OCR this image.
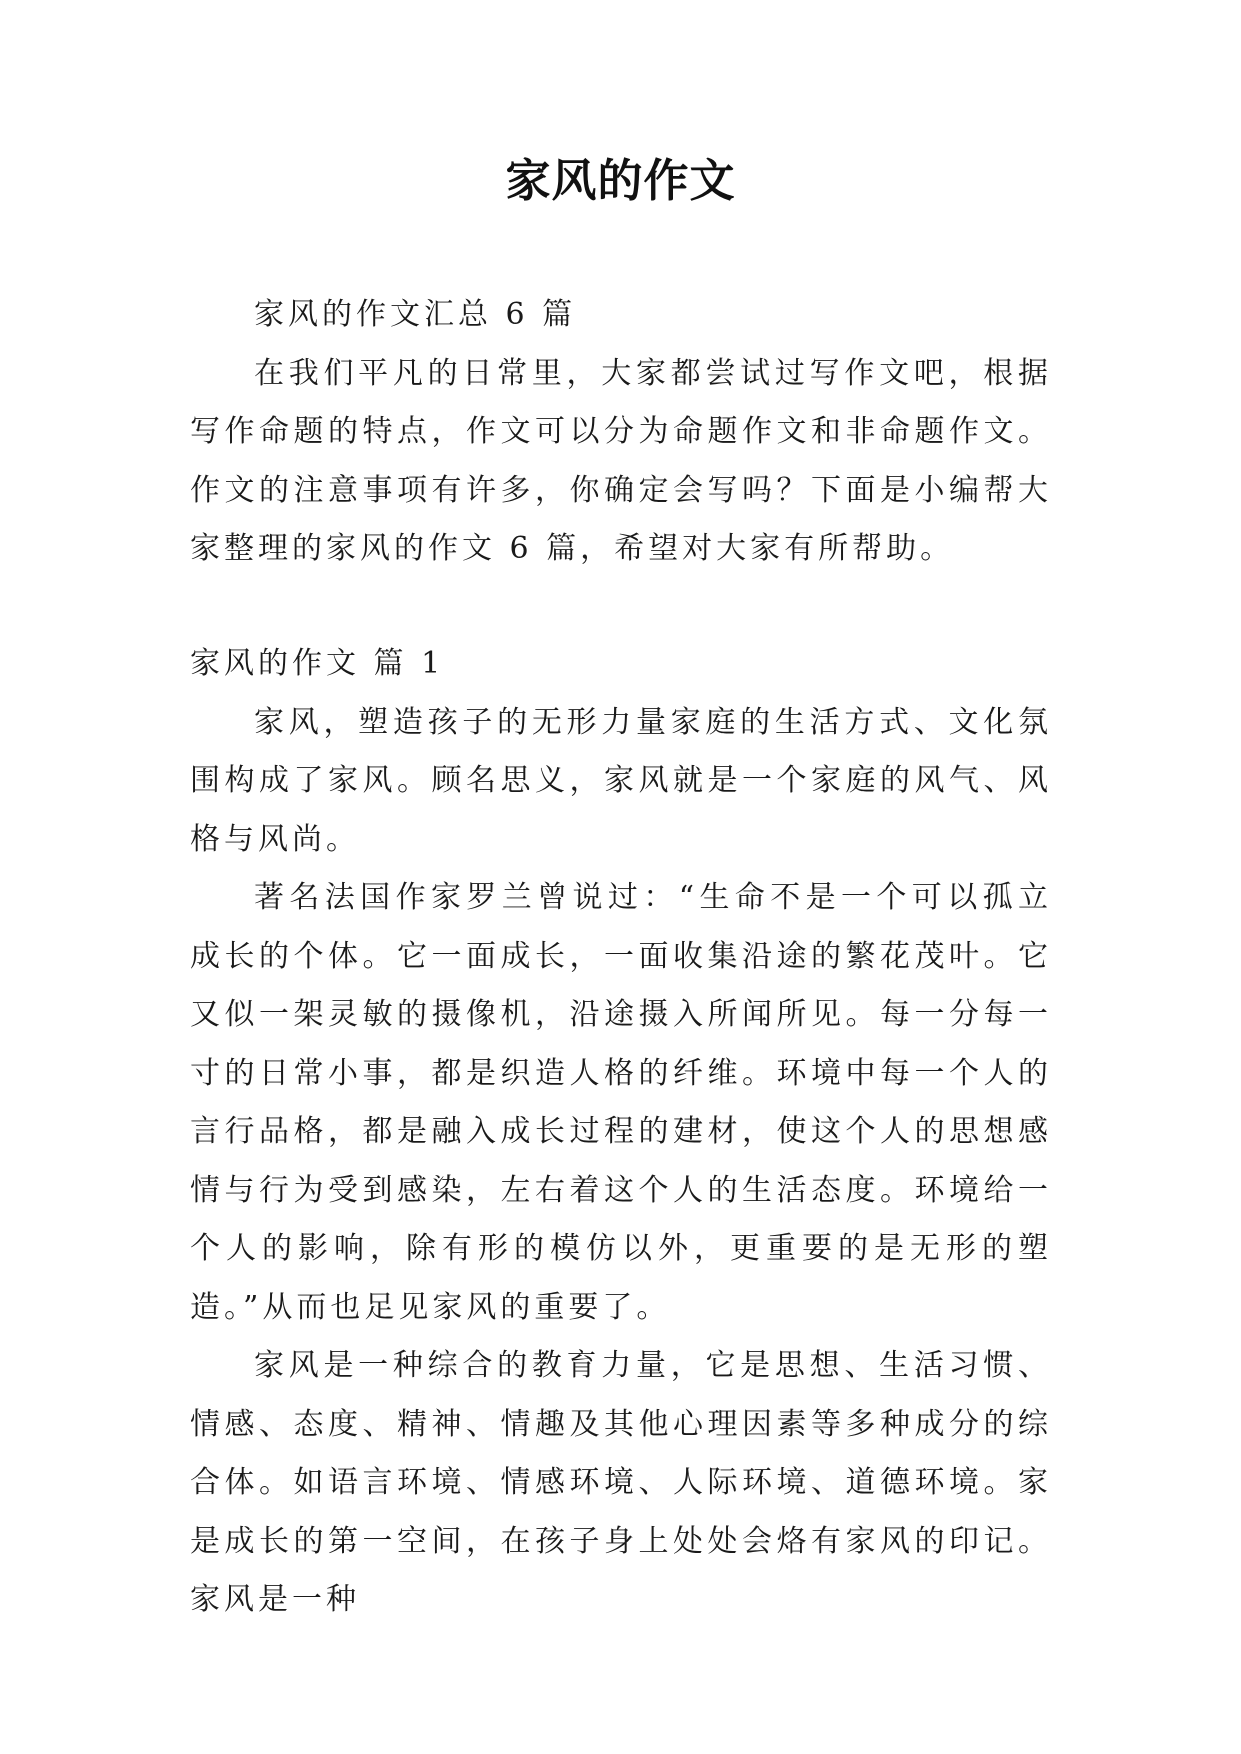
家风的作文

家风的作文汇总 6 篇

在我们平凡的日常里，大家都尝试过写作文吧，根据写作命题的特点，作文可以分为命题作文和非命题作文。作文的注意事项有许多，你确定会写吗？下面是小编帮大家整理的家风的作文 6 篇，希望对大家有所帮助。

家风的作文 篇 1

家风，塑造孩子的无形力量家庭的生活方式、文化氛围构成了家风。顾名思义，家风就是一个家庭的风气、风格与风尚。

著名法国作家罗兰曾说过：“生命不是一个可以孤立成长的个体。它一面成长，一面收集沿途的繁花茂叶。它又似一架灵敏的摄像机，沿途摄入所闻所见。每一分每一寸的日常小事，都是织造人格的纤维。环境中每一个人的言行品格，都是融入成长过程的建材，使这个人的思想感情与行为受到感染，左右着这个人的生活态度。环境给一个人的影响，除有形的模仿以外，更重要的是无形的塑造。”从而也足见家风的重要了。

家风是一种综合的教育力量，它是思想、生活习惯、情感、态度、精神、情趣及其他心理因素等多种成分的综合体。如语言环境、情感环境、人际环境、道德环境。家是成长的第一空间，在孩子身上处处会烙有家风的印记。家风是一种
